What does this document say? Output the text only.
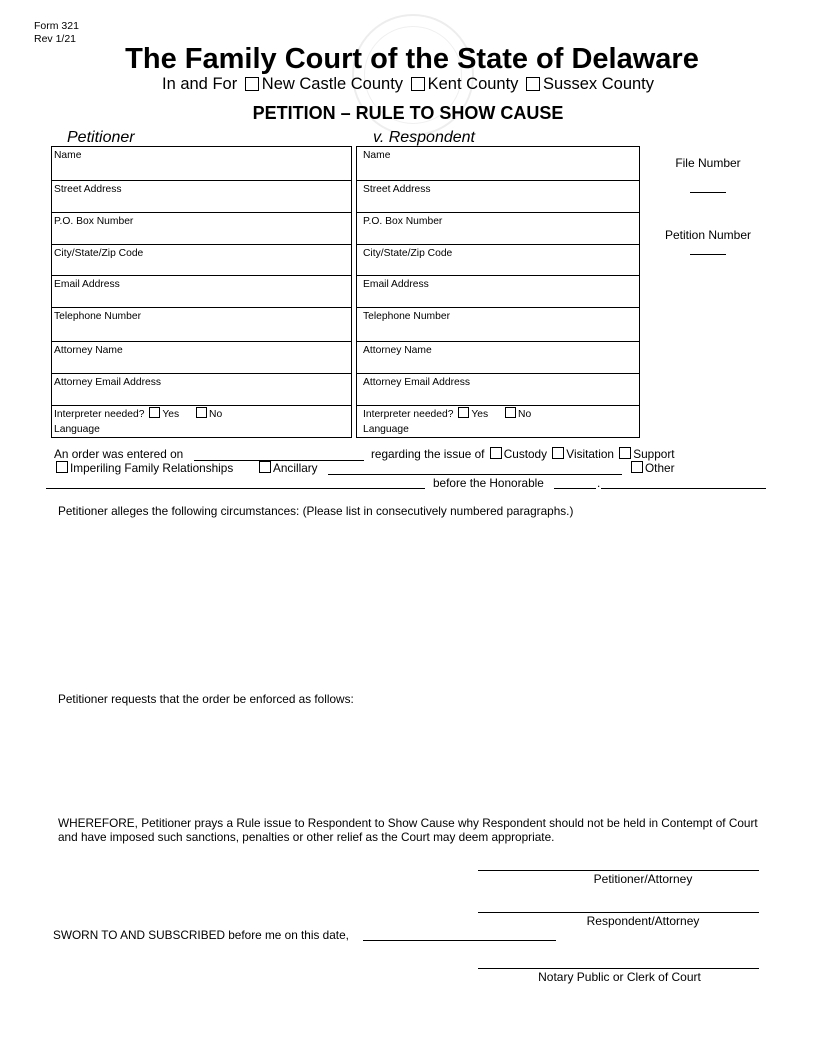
Form 321
Rev 1/21
The Family Court of the State of Delaware
In and For New Castle County Kent County Sussex County
PETITION – RULE TO SHOW CAUSE
Petitioner	v. Respondent
Name
Street Address
P.O. Box Number
City/State/Zip Code
Email Address
Telephone Number
Attorney Name
Attorney Email Address
Interpreter needed? Yes	No
Language
Name
Street Address
P.O. Box Number
City/State/Zip Code
Email Address
Telephone Number
Attorney Name
Attorney Email Address
Interpreter needed? Yes	No
Language
File Number
Petition Number
An order was entered on	regarding the issue of Custody Visitation Support
Imperiling Family Relationships	Ancillary	Other
before the Honorable	.
Petitioner alleges the following circumstances: (Please list in consecutively numbered paragraphs.)
Petitioner requests that the order be enforced as follows:
WHEREFORE, Petitioner prays a Rule issue to Respondent to Show Cause why Respondent should not be held in Contempt of Court and have imposed such sanctions, penalties or other relief as the Court may deem appropriate.
Petitioner/Attorney
Respondent/Attorney
SWORN TO AND SUBSCRIBED before me on this date,
Notary Public or Clerk of Court
